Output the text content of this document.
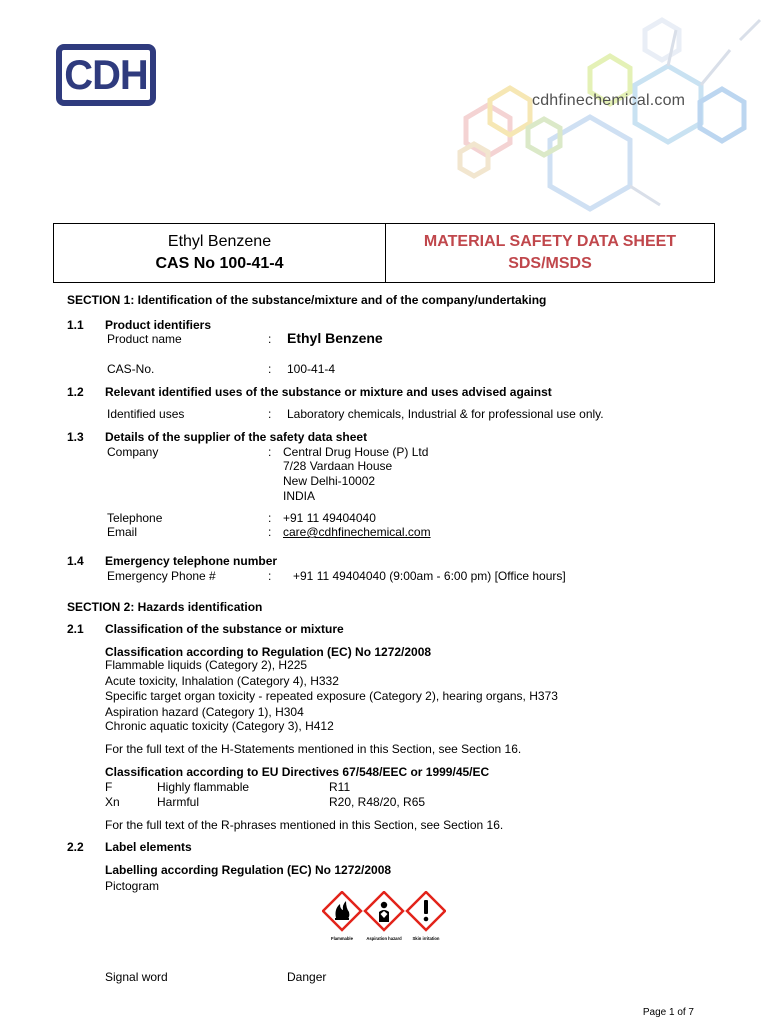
CDH
cdhfinechemical.com
Ethyl Benzene
CAS No 100-41-4
MATERIAL SAFETY DATA SHEET
SDS/MSDS
SECTION 1: Identification of the substance/mixture and of the company/undertaking
1.1 Product identifiers
Product name	: Ethyl Benzene
CAS-No.	: 100-41-4
1.2 Relevant identified uses of the substance or mixture and uses advised against
Identified uses	: Laboratory chemicals, Industrial & for professional use only.
1.3 Details of the supplier of the safety data sheet
Company	: Central Drug House (P) Ltd
7/28 Vardaan House
New Delhi-10002
INDIA
Telephone	: +91 11 49404040
Email	: care@cdhfinechemical.com
1.4 Emergency telephone number
Emergency Phone #	: +91 11 49404040 (9:00am - 6:00 pm) [Office hours]
SECTION 2: Hazards identification
2.1 Classification of the substance or mixture
Classification according to Regulation (EC) No 1272/2008
Flammable liquids (Category 2), H225
Acute toxicity, Inhalation (Category 4), H332
Specific target organ toxicity - repeated exposure (Category 2), hearing organs, H373
Aspiration hazard (Category 1), H304
Chronic aquatic toxicity (Category 3), H412
For the full text of the H-Statements mentioned in this Section, see Section 16.
Classification according to EU Directives 67/548/EEC or 1999/45/EC
F	Highly flammable	R11
Xn	Harmful	R20, R48/20, R65
For the full text of the R-phrases mentioned in this Section, see Section 16.
2.2 Label elements
Labelling according Regulation (EC) No 1272/2008
Pictogram
Flammable	Aspiration hazard	Skin irritation
Signal word	Danger
Page 1 of 7
